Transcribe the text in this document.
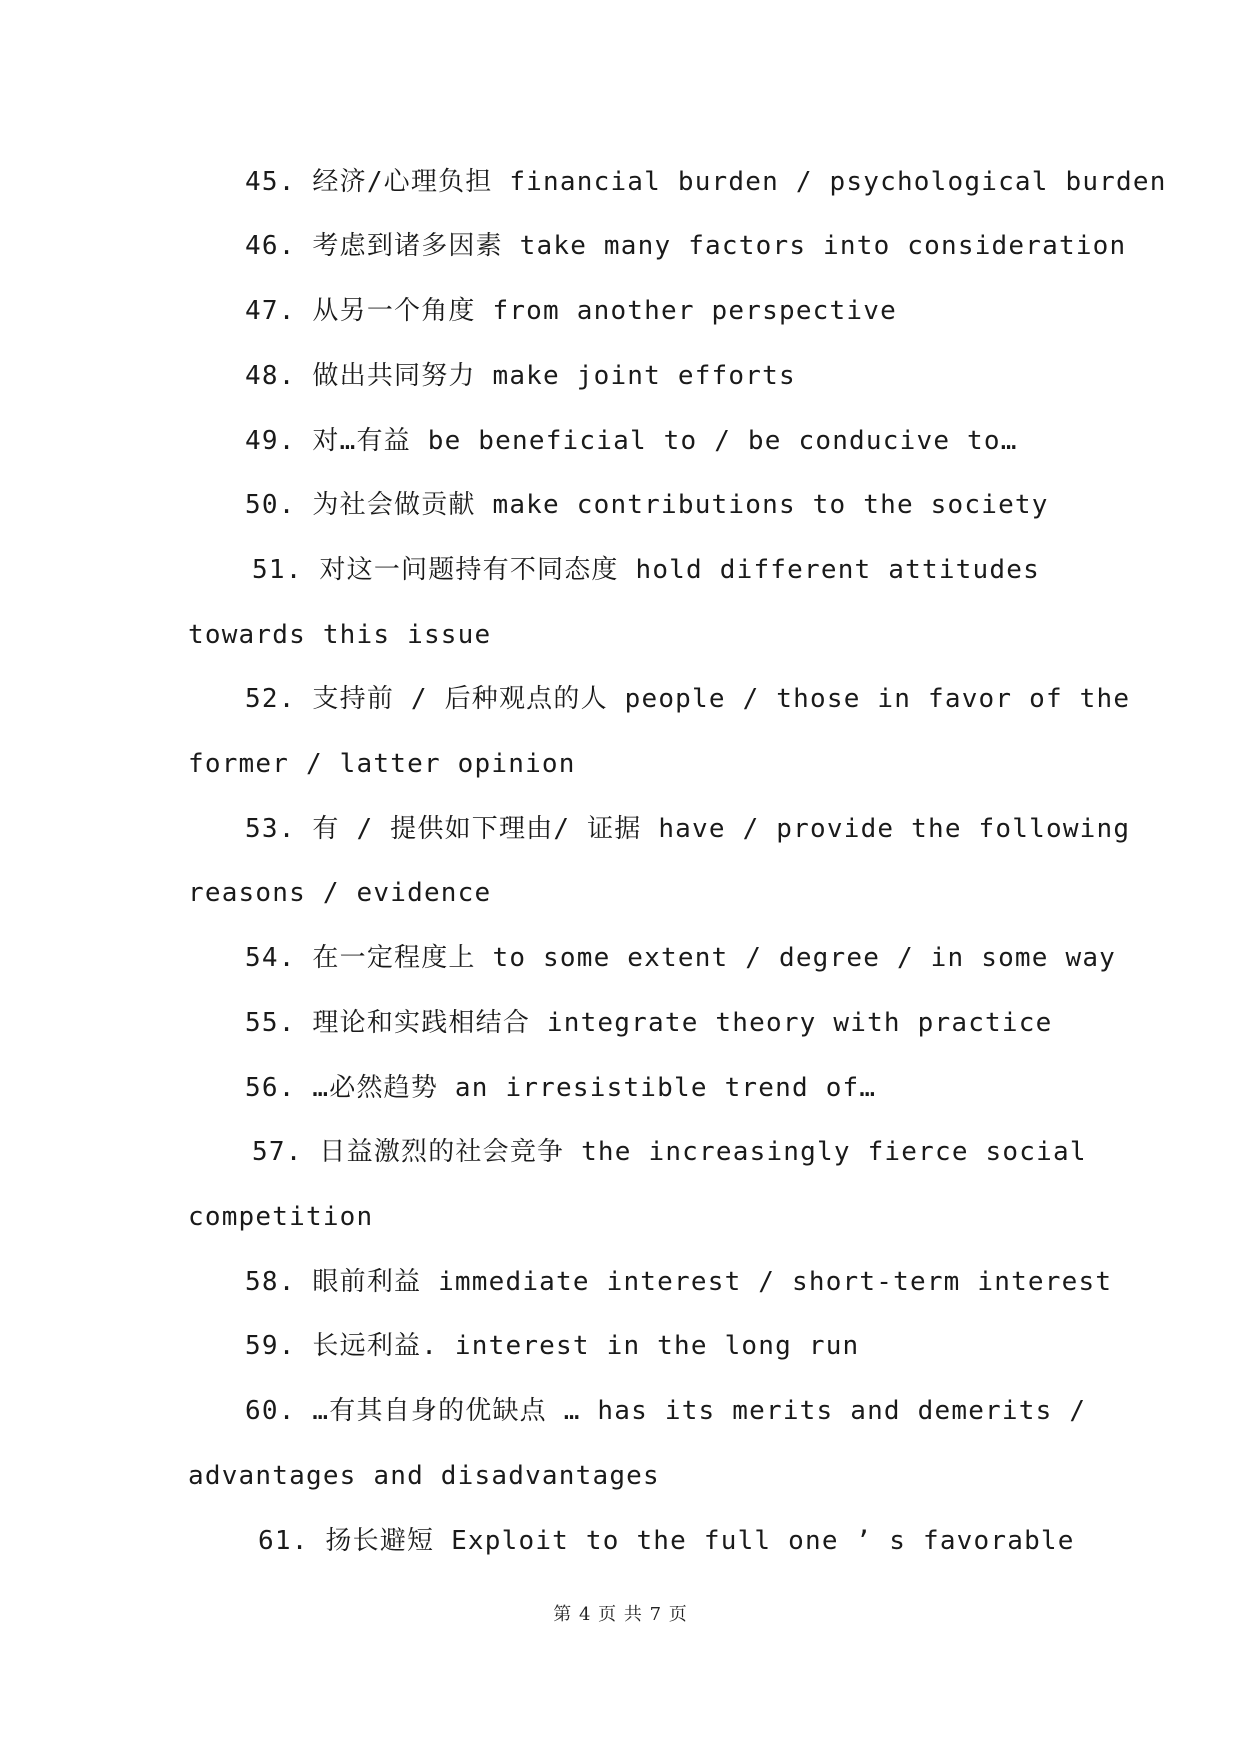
45. 经济/心理负担 financial burden / psychological burden
46. 考虑到诸多因素 take many factors into consideration
47. 从另一个角度 from another perspective
48. 做出共同努力 make joint efforts
49. 对…有益 be beneficial to / be conducive to…
50. 为社会做贡献 make contributions to the society
51. 对这一问题持有不同态度 hold different attitudes
towards this issue
52. 支持前 / 后种观点的人 people / those in favor of the
former / latter opinion
53. 有 / 提供如下理由/ 证据 have / provide the following
reasons / evidence
54. 在一定程度上 to some extent / degree / in some way
55. 理论和实践相结合 integrate theory with practice
56. …必然趋势 an irresistible trend of…
57. 日益激烈的社会竞争 the increasingly fierce social
competition
58. 眼前利益 immediate interest / short-term interest
59. 长远利益. interest in the long run
60. …有其自身的优缺点 … has its merits and demerits /
advantages and disadvantages
61. 扬长避短 Exploit to the full one ’ s favorable
第 4 页 共 7 页
